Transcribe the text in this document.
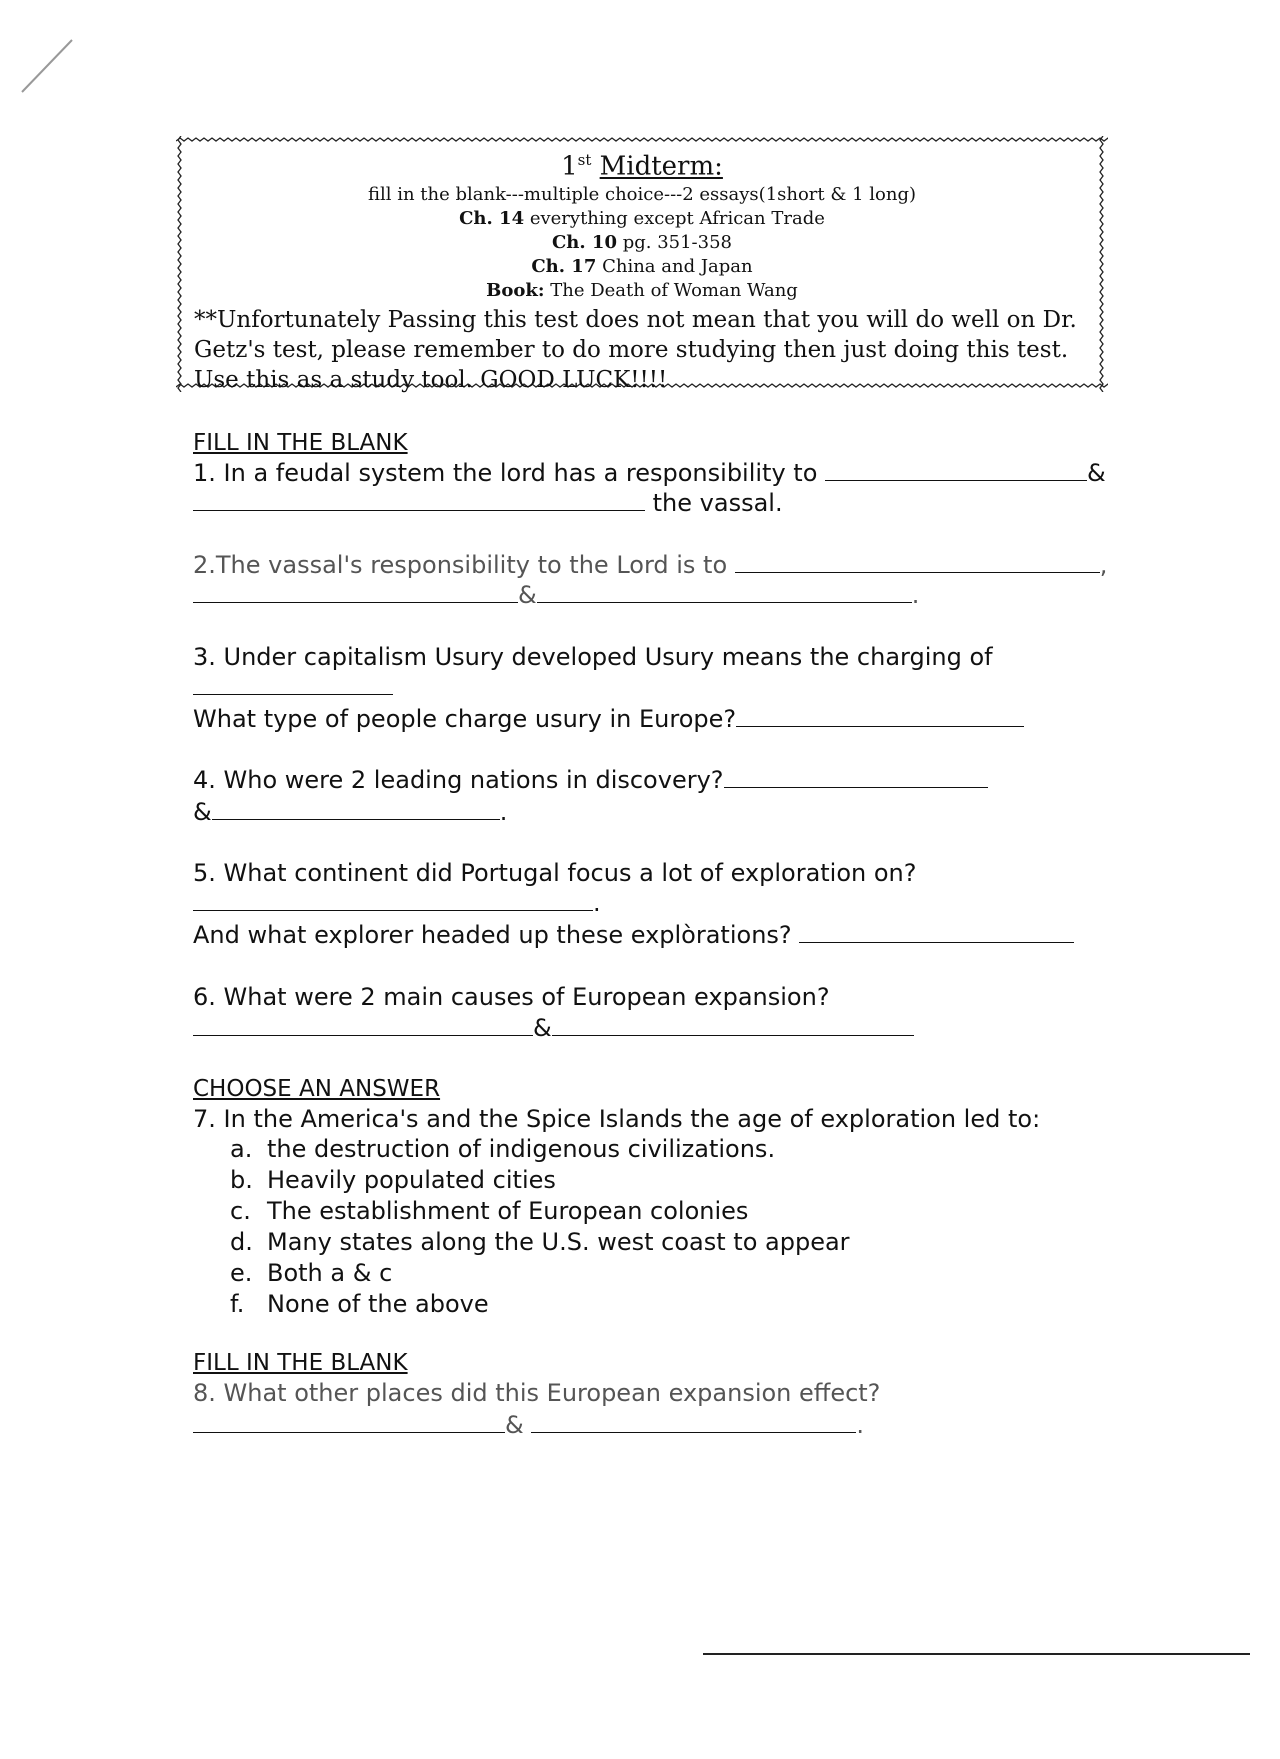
1st Midterm:
fill in the blank---multiple choice---2 essays(1short & 1 long)
Ch. 14 everything except African Trade
Ch. 10 pg. 351-358
Ch. 17 China and Japan
Book: The Death of Woman Wang
**Unfortunately Passing this test does not mean that you will do well on Dr. Getz's test, please remember to do more studying then just doing this test. Use this as a study tool. GOOD LUCK!!!!
FILL IN THE BLANK
1. In a feudal system the lord has a responsibility to	&
the vassal.
2.The vassal's responsibility to the Lord is to	,
&	.
3. Under capitalism Usury developed Usury means the charging of
What type of people charge usury in Europe?
4. Who were 2 leading nations in discovery?
&	.
5. What continent did Portugal focus a lot of exploration on?
.
And what explorer headed up these explòrations?
6. What were 2 main causes of European expansion?
&
CHOOSE AN ANSWER
7. In the America's and the Spice Islands the age of exploration led to:
a. the destruction of indigenous civilizations.
b. Heavily populated cities
c. The establishment of European colonies
d. Many states along the U.S. west coast to appear
e. Both a & c
f. None of the above
FILL IN THE BLANK
8. What other places did this European expansion effect?
&	.
